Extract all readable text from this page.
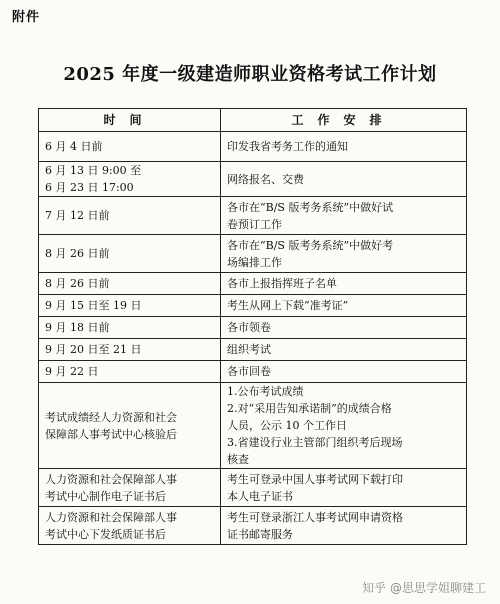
附件
2025 年度一级建造师职业资格考试工作计划
时间	工作安排

6 月 4 日前	印发我省考务工作的通知

6 月 13 日 9:00 至
6 月 23 日 17:00	网络报名、交费

7 月 12 日前	各市在“B/S 版考务系统”中做好试
卷预订工作

8 月 26 日前	各市在“B/S 版考务系统”中做好考
场编排工作

8 月 26 日前	各市上报指挥班子名单

9 月 15 日至 19 日	考生从网上下载“准考证”

9 月 18 日前	各市领卷

9 月 20 日至 21 日	组织考试

9 月 22 日	各市回卷

考试成绩经人力资源和社会
保障部人事考试中心核验后	1.公布考试成绩
2.对“采用告知承诺制”的成绩合格
人员，公示 10 个工作日
3.省建设行业主管部门组织考后现场
核查

人力资源和社会保障部人事
考试中心制作电子证书后	考生可登录中国人事考试网下载打印
本人电子证书

人力资源和社会保障部人事
考试中心下发纸质证书后	考生可登录浙江人事考试网申请资格
证书邮寄服务
知乎 @思思学姐聊建工
